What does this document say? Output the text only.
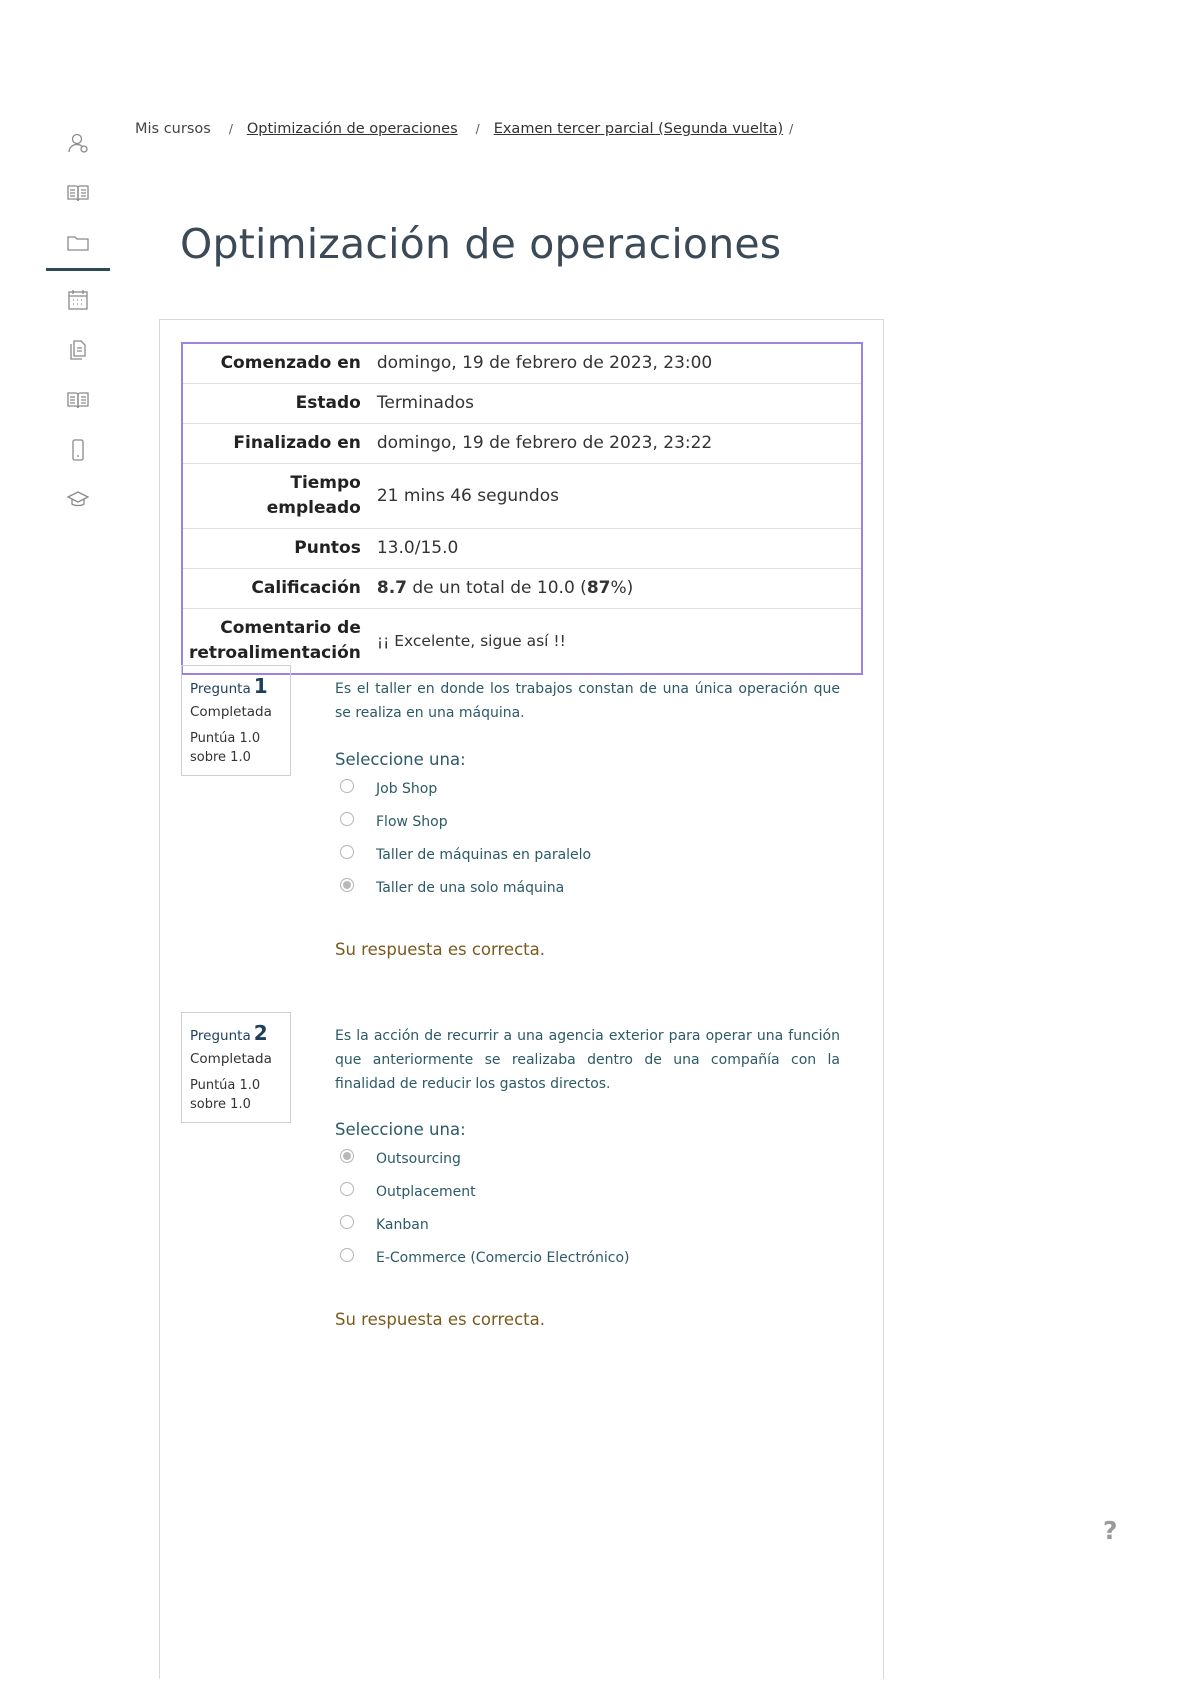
Mis cursos / Optimización de operaciones / Examen tercer parcial (Segunda vuelta) /
Optimización de operaciones
Comenzado en	domingo, 19 de febrero de 2023, 23:00
Estado	Terminados
Finalizado en	domingo, 19 de febrero de 2023, 23:22
Tiempo
empleado	21 mins 46 segundos
Puntos	13.0/15.0
Calificación	8.7 de un total de 10.0 (87%)
Comentario de
retroalimentación	¡¡ Excelente, sigue así !!
Pregunta 1
Completada
Puntúa 1.0
sobre 1.0
Es el taller en donde los trabajos constan de una única operación que se realiza en una máquina.
Seleccione una:
Job Shop
Flow Shop
Taller de máquinas en paralelo
Taller de una solo máquina
Su respuesta es correcta.
Pregunta 2
Completada
Puntúa 1.0
sobre 1.0
Es la acción de recurrir a una agencia exterior para operar una función que anteriormente se realizaba dentro de una compañía con la finalidad de reducir los gastos directos.
Seleccione una:
Outsourcing
Outplacement
Kanban
E-Commerce (Comercio Electrónico)
Su respuesta es correcta.
?
